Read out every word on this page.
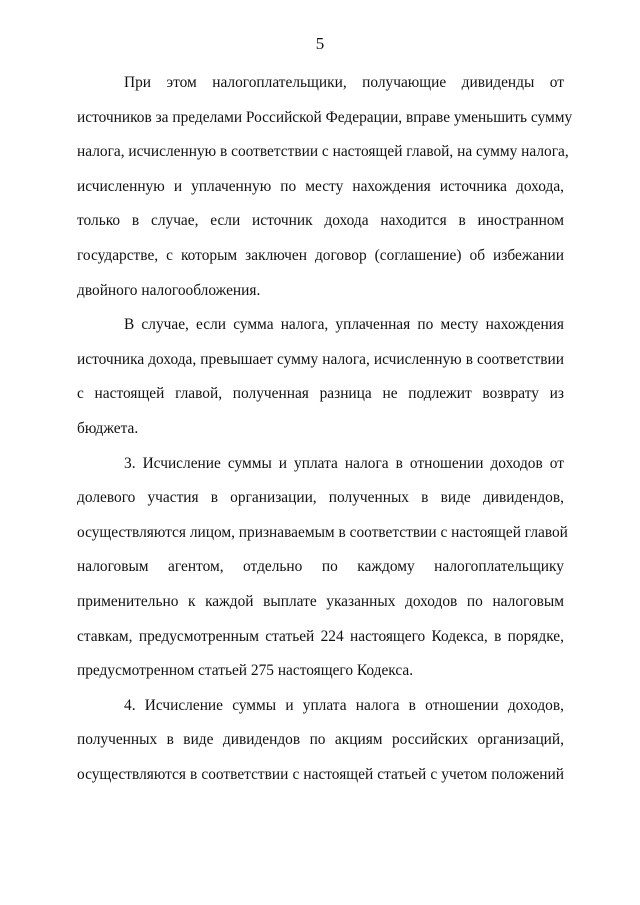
5
При этом налогоплательщики, получающие дивиденды от
источников за пределами Российской Федерации, вправе уменьшить сумму
налога, исчисленную в соответствии с настоящей главой, на сумму налога,
исчисленную и уплаченную по месту нахождения источника дохода,
только в случае, если источник дохода находится в иностранном
государстве, с которым заключен договор (соглашение) об избежании
двойного налогообложения.
В случае, если сумма налога, уплаченная по месту нахождения
источника дохода, превышает сумму налога, исчисленную в соответствии
с настоящей главой, полученная разница не подлежит возврату из
бюджета.
3. Исчисление суммы и уплата налога в отношении доходов от
долевого участия в организации, полученных в виде дивидендов,
осуществляются лицом, признаваемым в соответствии с настоящей главой
налоговым агентом, отдельно по каждому налогоплательщику
применительно к каждой выплате указанных доходов по налоговым
ставкам, предусмотренным статьей 224 настоящего Кодекса, в порядке,
предусмотренном статьей 275 настоящего Кодекса.
4. Исчисление суммы и уплата налога в отношении доходов,
полученных в виде дивидендов по акциям российских организаций,
осуществляются в соответствии с настоящей статьей с учетом положений
